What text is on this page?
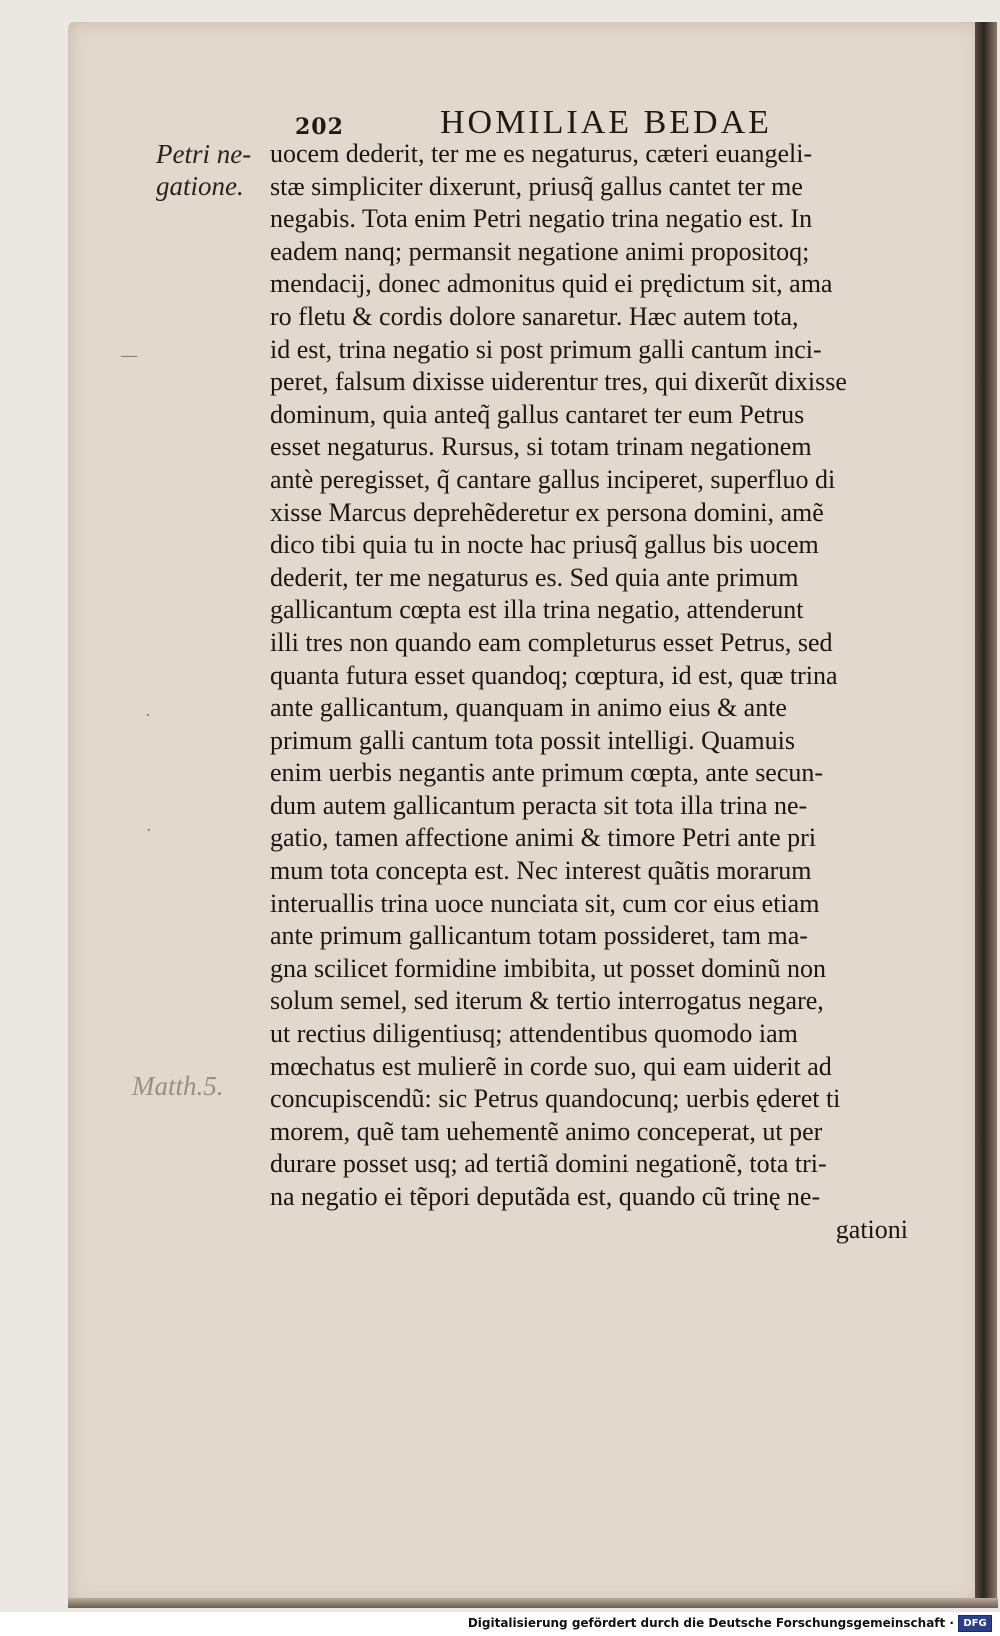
202	HOMILIAE BEDAE
Petri ne-
gatione.
Matth.5.
—
·
·
uocem dederit, ter me es negaturus, cæteri euangeli-
stæ simpliciter dixerunt, priusq̃ gallus cantet ter me
negabis. Tota enim Petri negatio trina negatio est. In
eadem nanq; permansit negatione animi propositoq;
mendacij, donec admonitus quid ei prędictum sit, ama
ro fletu & cordis dolore sanaretur. Hæc autem tota,
id est, trina negatio si post primum galli cantum inci-
peret, falsum dixisse uiderentur tres, qui dixerũt dixisse
dominum, quia anteq̃ gallus cantaret ter eum Petrus
esset negaturus. Rursus, si totam trinam negationem
antè peregisset, q̃ cantare gallus inciperet, superfluo di
xisse Marcus deprehẽderetur ex persona domini, amẽ
dico tibi quia tu in nocte hac priusq̃ gallus bis uocem
dederit, ter me negaturus es. Sed quia ante primum
gallicantum cœpta est illa trina negatio, attenderunt
illi tres non quando eam completurus esset Petrus, sed
quanta futura esset quandoq; cœptura, id est, quæ trina
ante gallicantum, quanquam in animo eius & ante
primum galli cantum tota possit intelligi. Quamuis
enim uerbis negantis ante primum cœpta, ante secun-
dum autem gallicantum peracta sit tota illa trina ne-
gatio, tamen affectione animi & timore Petri ante pri
mum tota concepta est. Nec interest quãtis morarum
interuallis trina uoce nunciata sit, cum cor eius etiam
ante primum gallicantum totam possideret, tam ma-
gna scilicet formidine imbibita, ut posset dominũ non
solum semel, sed iterum & tertio interrogatus negare,
ut rectius diligentiusq; attendentibus quomodo iam
mœchatus est mulierẽ in corde suo, qui eam uiderit ad
concupiscendũ: sic Petrus quandocunq; uerbis ęderet ti
morem, quẽ tam uehementẽ animo conceperat, ut per
durare posset usq; ad tertiã domini negationẽ, tota tri-
na negatio ei tẽpori deputãda est, quando cũ trinę ne-
gationi
Digitalisierung gefördert durch die Deutsche Forschungsgemeinschaft · DFG
